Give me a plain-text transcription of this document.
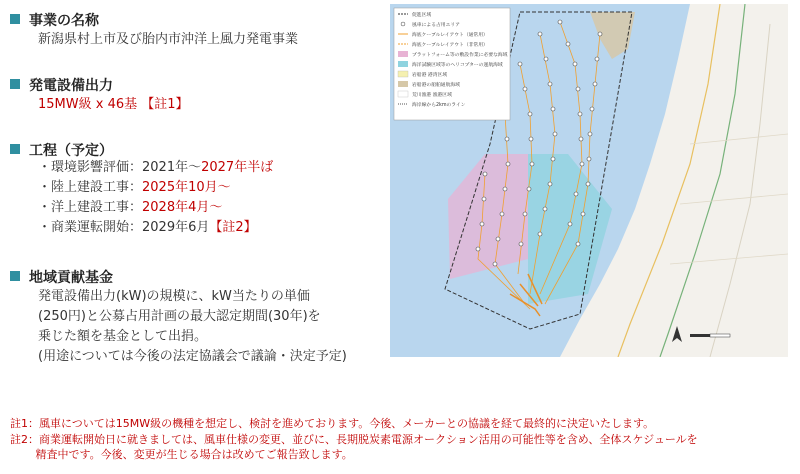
事業の名称
新潟県村上市及び胎内市沖洋上風力発電事業
発電設備出力
15MW級 x 46基 【註1】
工程（予定）
・環境影響評価：2021年〜2027年半ば
・陸上建設工事：2025年10月〜
・洋上建設工事：2028年4月〜
・商業運転開始：2029年6月【註2】
地域貢献基金
発電設備出力(kW)の規模に、kW当たりの単価
(250円)と公募占用計画の最大認定期間(30年)を
乗じた額を基金として出捐。
(用途については今後の法定協議会で議論・決定予定)
註1：風車については15MW級の機種を想定し、検討を進めております。今後、メーカーとの協議を経て最終的に決定いたします。
註2：商業運転開始日に就きましては、風車仕様の変更、並びに、長期脱炭素電源オークション活用の可能性等を含め、全体スケジュールを
　　 精査中です。今後、変更が生じる場合は改めてご報告致します。
促進区域
風車による占用エリア
海底ケーブルレイアウト（通常用）
海底ケーブルレイアウト（非常用）
プラットフォーム等の敷設作業に必要な海域
海洋試験区域等のヘリコプターの運航海域
岩船港 港湾区域
岩船港の船舶通航海域
荒川漁港 漁港区域
海岸線から2kmのライン
